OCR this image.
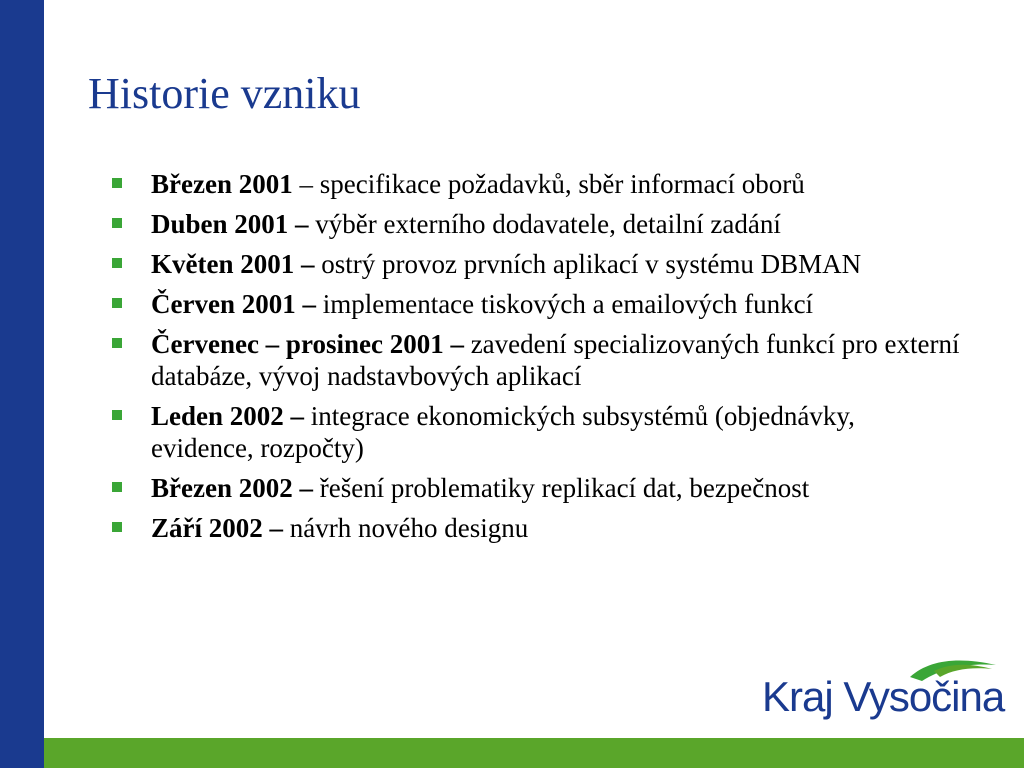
Historie vzniku
Březen 2001 – specifikace požadavků, sběr informací oborů
Duben 2001 – výběr externího dodavatele, detailní zadání
Květen 2001 – ostrý provoz prvních aplikací v systému DBMAN
Červen 2001 – implementace tiskových a emailových funkcí
Červenec – prosinec 2001 – zavedení specializovaných funkcí pro externí databáze, vývoj nadstavbových aplikací
Leden 2002 – integrace ekonomických subsystémů (objednávky, evidence, rozpočty)
Březen 2002 – řešení problematiky replikací dat, bezpečnost
Září 2002 – návrh nového designu
Kraj Vysočina
